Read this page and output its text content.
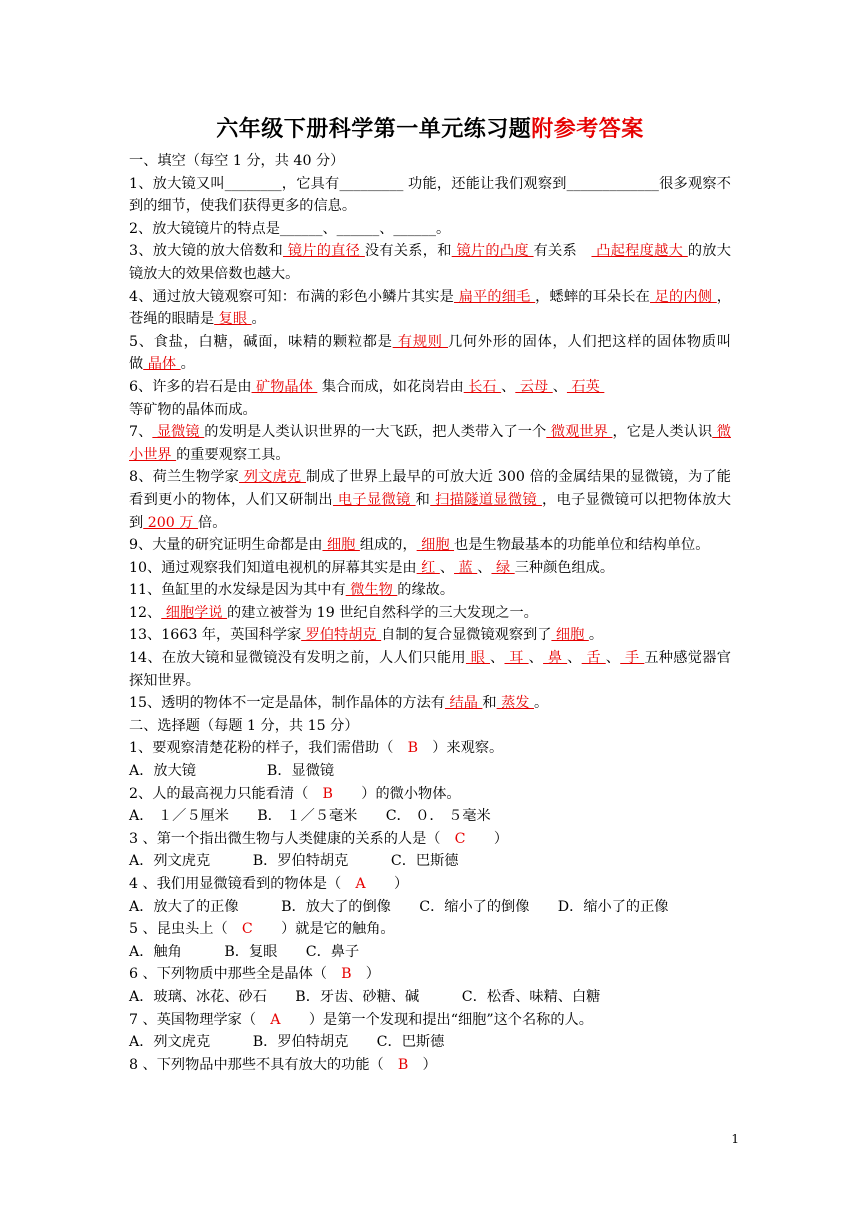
六年级下册科学第一单元练习题附参考答案

一、填空（每空 1 分，共 40 分）

1、放大镜又叫________，它具有_________ 功能，还能让我们观察到_____________很多观察不到的细节，使我们获得更多的信息。

2、放大镜镜片的特点是______、______、______。

3、放大镜的放大倍数和 镜片的直径 没有关系，和 镜片的凸度 有关系　 凸起程度越大 的放大镜放大的效果倍数也越大。

4、通过放大镜观察可知：布满的彩色小鳞片其实是 扁平的细毛 ，蟋蟀的耳朵长在 足的内侧 ，苍绳的眼睛是 复眼 。

5、食盐，白糖，碱面，味精的颗粒都是 有规则 几何外形的固体，人们把这样的固体物质叫做 晶体 。

6、许多的岩石是由 矿物晶体  集合而成，如花岗岩由 长石 、 云母 、 石英

等矿物的晶体而成。

7、 显微镜 的发明是人类认识世界的一大飞跃，把人类带入了一个 微观世界 ，它是人类认识 微小世界 的重要观察工具。

8、荷兰生物学家 列文虎克 制成了世界上最早的可放大近 300 倍的金属结果的显微镜，为了能看到更小的物体，人们又研制出 电子显微镜 和 扫描隧道显微镜 ，电子显微镜可以把物体放大到 200 万 倍。

9、大量的研究证明生命都是由 细胞 组成的， 细胞 也是生物最基本的功能单位和结构单位。

10、通过观察我们知道电视机的屏幕其实是由 红 、 蓝 、 绿 三种颜色组成。

11、鱼缸里的水发绿是因为其中有 微生物 的缘故。

12、 细胞学说 的建立被誉为 19 世纪自然科学的三大发现之一。

13、1663 年，英国科学家 罗伯特胡克 自制的复合显微镜观察到了 细胞 。

14、在放大镜和显微镜没有发明之前，人人们只能用 眼 、 耳 、 鼻 、 舌 、 手 五种感觉器官探知世界。

15、透明的物体不一定是晶体，制作晶体的方法有 结晶 和 蒸发 。

二、选择题（每题 1 分，共 15 分）

1、要观察清楚花粉的样子，我们需借助（　B　）来观察。

A．放大镜　　　　　B．显微镜

2、人的最高视力只能看清（　B　　）的微小物体。

A． １／５厘米　　B． １／５毫米　　C． ０． ５毫米

3 、第一个指出微生物与人类健康的关系的人是（　C　　）

A．列文虎克　　　B．罗伯特胡克　　　C．巴斯德

4 、我们用显微镜看到的物体是（　A　　）

A．放大了的正像　　　B．放大了的倒像　　C．缩小了的倒像　　D．缩小了的正像

5 、昆虫头上（　C　　）就是它的触角。

A．触角　　　B．复眼　　C．鼻子

6 、下列物质中那些全是晶体（　B　）

A．玻璃、冰花、砂石　　B．牙齿、砂糖、碱　　　C．松香、味精、白糖

7 、英国物理学家（　A　　）是第一个发现和提出“细胞”这个名称的人。

A．列文虎克　　　B．罗伯特胡克　　C．巴斯德

8 、下列物品中那些不具有放大的功能（　B　）

1
